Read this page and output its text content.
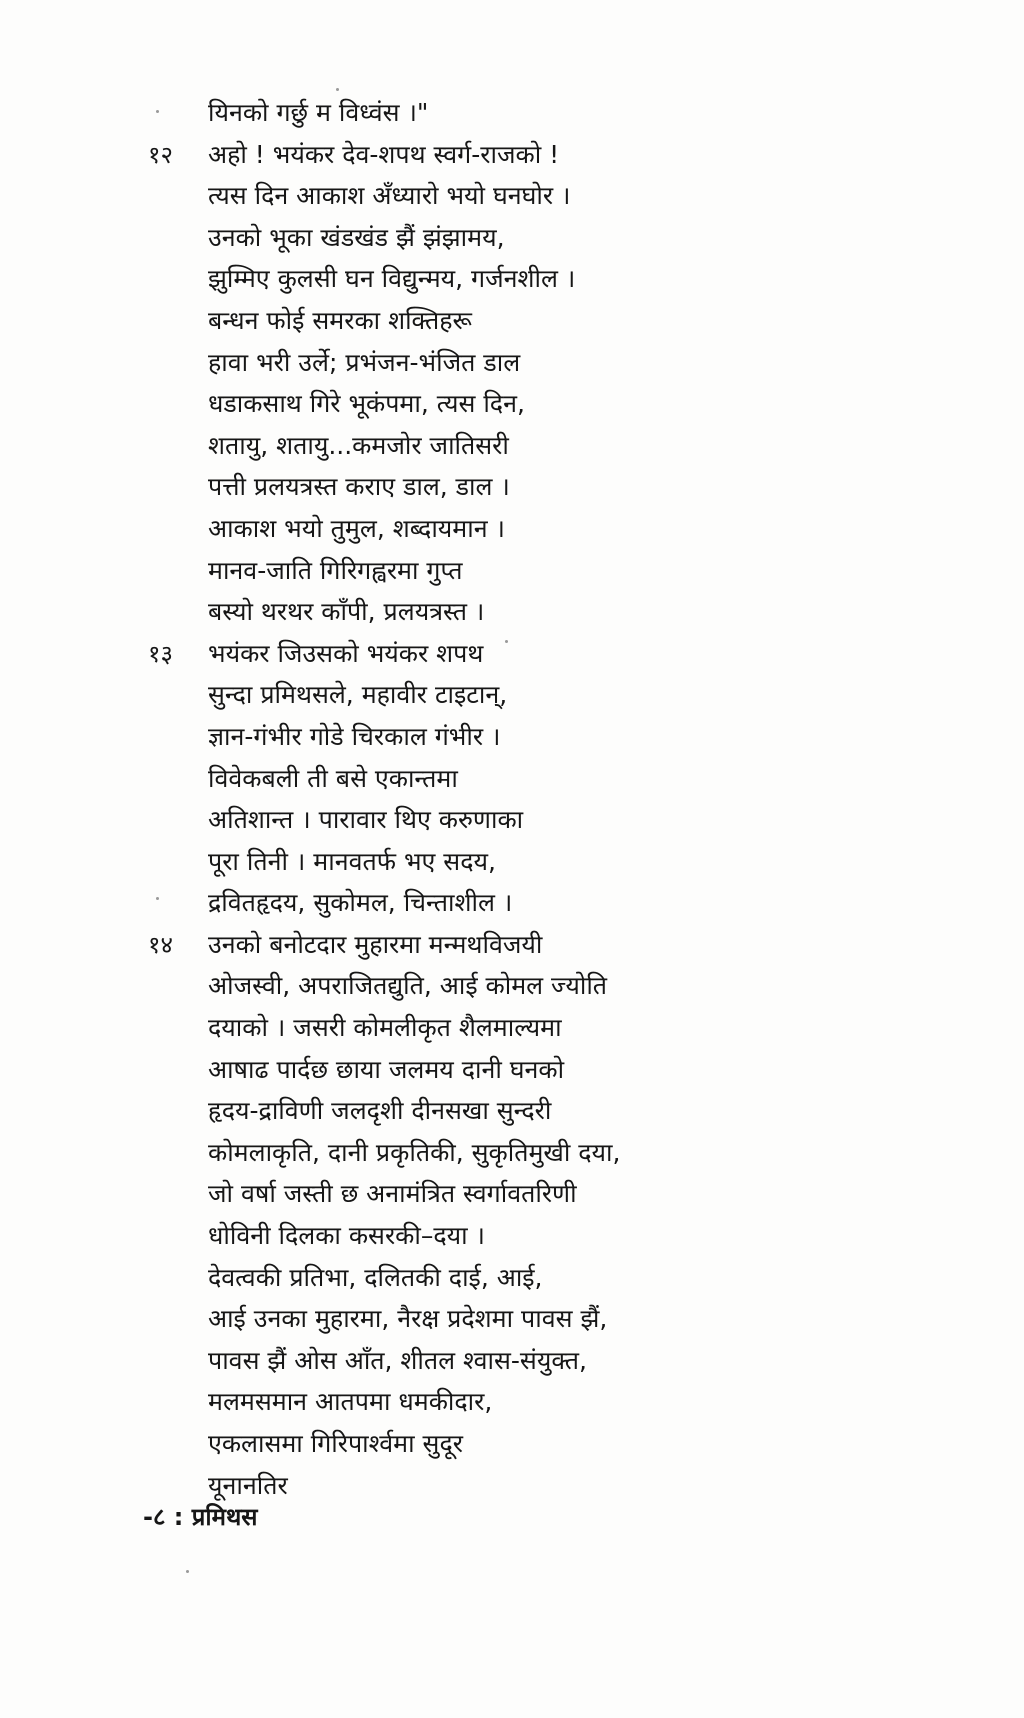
यिनको गर्छु म विध्वंस ।"
१२	अहो ! भयंकर देव-शपथ स्वर्ग-राजको !
त्यस दिन आकाश अँध्यारो भयो घनघोर ।
उनको भूका खंडखंड झैं झंझामय,
झुम्मिए कुलसी घन विद्युन्मय, गर्जनशील ।
बन्धन फोई समरका शक्तिहरू
हावा भरी उर्ले; प्रभंजन-भंजित डाल
धडाकसाथ गिरे भूकंपमा, त्यस दिन,
शतायु, शतायु...कमजोर जातिसरी
पत्ती प्रलयत्रस्त कराए डाल, डाल ।
आकाश भयो तुमुल, शब्दायमान ।
मानव-जाति गिरिगह्वरमा गुप्त
बस्यो थरथर काँपी, प्रलयत्रस्त ।
१३	भयंकर जिउसको भयंकर शपथ
सुन्दा प्रमिथसले, महावीर टाइटान्,
ज्ञान-गंभीर गोडे चिरकाल गंभीर ।
विवेकबली ती बसे एकान्तमा
अतिशान्त । पारावार थिए करुणाका
पूरा तिनी । मानवतर्फ भए सदय,
द्रवितहृदय, सुकोमल, चिन्ताशील ।
१४	उनको बनोटदार मुहारमा मन्मथविजयी
ओजस्वी, अपराजितद्युति, आई कोमल ज्योति
दयाको । जसरी कोमलीकृत शैलमाल्यमा
आषाढ पार्दछ छाया जलमय दानी घनको
हृदय-द्राविणी जलदृशी दीनसखा सुन्दरी
कोमलाकृति, दानी प्रकृतिकी, सुकृतिमुखी दया,
जो वर्षा जस्ती छ अनामंत्रित स्वर्गावतरिणी
धोविनी दिलका कसरकी–दया ।
देवत्वकी प्रतिभा, दलितकी दाई, आई,
आई उनका मुहारमा, नैरक्ष प्रदेशमा पावस झैं,
पावस झैं ओस आँत, शीतल श्वास-संयुक्त,
मलमसमान आतपमा धमकीदार,
एकलासमा गिरिपार्श्वमा सुदूर
यूनानतिर
-८ : प्रमिथस
